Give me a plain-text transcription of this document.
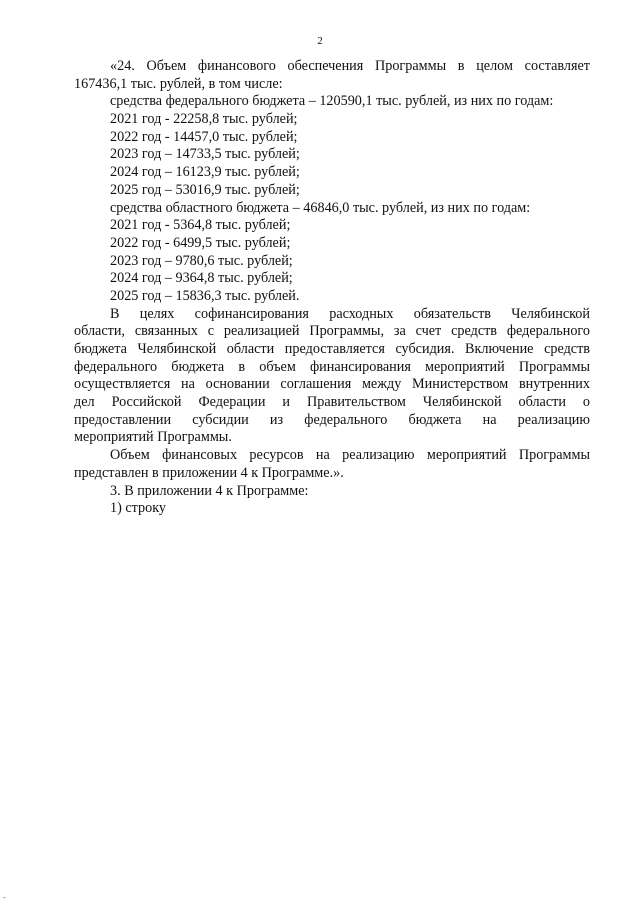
2
«24. Объем финансового обеспечения Программы в целом составляет
167436,1 тыс. рублей, в том числе:
средства федерального бюджета – 120590,1 тыс. рублей, из них по годам:
2021 год - 22258,8 тыс. рублей;
2022 год - 14457,0 тыс. рублей;
2023 год – 14733,5 тыс. рублей;
2024 год – 16123,9 тыс. рублей;
2025 год – 53016,9 тыс. рублей;
средства областного бюджета – 46846,0 тыс. рублей, из них по годам:
2021 год - 5364,8 тыс. рублей;
2022 год - 6499,5 тыс. рублей;
2023 год – 9780,6 тыс. рублей;
2024 год – 9364,8 тыс. рублей;
2025 год – 15836,3 тыс. рублей.
В целях софинансирования расходных обязательств Челябинской
области, связанных с реализацией Программы, за счет средств федерального
бюджета Челябинской области предоставляется субсидия. Включение средств
федерального бюджета в объем финансирования мероприятий Программы
осуществляется на основании соглашения между Министерством внутренних
дел Российской Федерации и Правительством Челябинской области о
предоставлении субсидии из федерального бюджета на реализацию
мероприятий Программы.
Объем финансовых ресурсов на реализацию мероприятий Программы
представлен в приложении 4 к Программе.».
3. В приложении 4 к Программе:
1) строку
-
